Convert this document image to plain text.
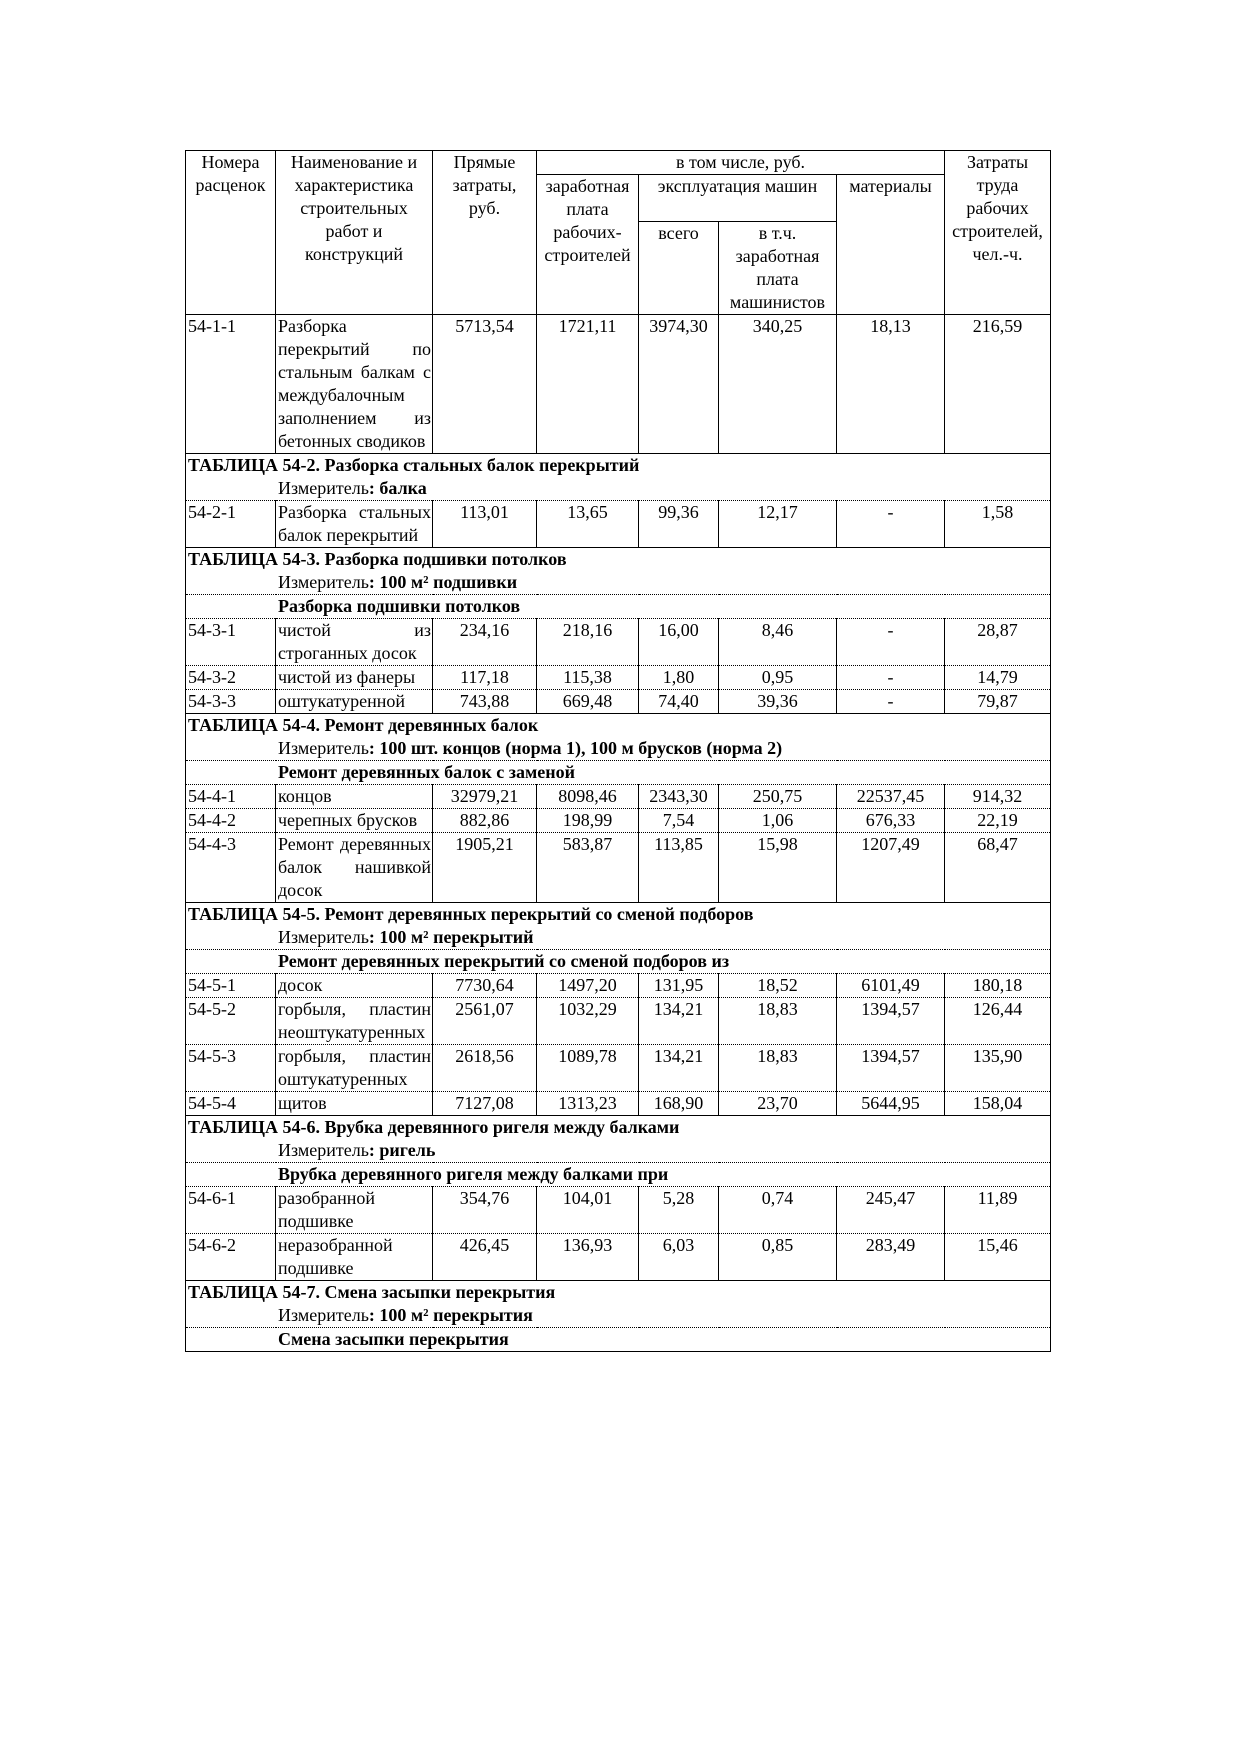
Номера расценок	Наименование и характеристика строительных работ и конструкций	Прямые затраты, руб.	в том числе, руб.				Затраты труда рабочих строителей, чел.-ч.
			заработная плата рабочих-строителей	эксплуатация машин		материалы	
				всего	в т.ч. заработная плата машинистов		
54-1-1	Разборка перекрытий по стальным балкам с междубалочным заполнением из бетонных сводиков	5713,54	1721,11	3974,30	340,25	18,13	216,59

ТАБЛИЦА 54-2. Разборка стальных балок перекрытий
Измеритель: балка							

54-2-1	Разборка стальных балок перекрытий	113,01	13,65	99,36	12,17	-	1,58

ТАБЛИЦА 54-3. Разборка подшивки потолков
Измеритель: 100 м² подшивки							

Разборка подшивки потолков							

54-3-1	чистой из строганных досок	234,16	218,16	16,00	8,46	-	28,87
54-3-2	чистой из фанеры	117,18	115,38	1,80	0,95	-	14,79
54-3-3	оштукатуренной	743,88	669,48	74,40	39,36	-	79,87

ТАБЛИЦА 54-4. Ремонт деревянных балок
Измеритель: 100 шт. концов (норма 1), 100 м брусков (норма 2)							

Ремонт деревянных балок с заменой							

54-4-1	концов	32979,21	8098,46	2343,30	250,75	22537,45	914,32
54-4-2	черепных брусков	882,86	198,99	7,54	1,06	676,33	22,19
54-4-3	Ремонт деревянных балок нашивкой досок	1905,21	583,87	113,85	15,98	1207,49	68,47

ТАБЛИЦА 54-5. Ремонт деревянных перекрытий со сменой подборов
Измеритель: 100 м² перекрытий							

Ремонт деревянных перекрытий со сменой подборов из							

54-5-1	досок	7730,64	1497,20	131,95	18,52	6101,49	180,18
54-5-2	горбыля, пластин неоштукатуренных	2561,07	1032,29	134,21	18,83	1394,57	126,44
54-5-3	горбыля, пластин оштукатуренных	2618,56	1089,78	134,21	18,83	1394,57	135,90
54-5-4	щитов	7127,08	1313,23	168,90	23,70	5644,95	158,04

ТАБЛИЦА 54-6. Врубка деревянного ригеля между балками
Измеритель: ригель							

Врубка деревянного ригеля между балками при							

54-6-1	разобранной подшивке	354,76	104,01	5,28	0,74	245,47	11,89
54-6-2	неразобранной подшивке	426,45	136,93	6,03	0,85	283,49	15,46

ТАБЛИЦА 54-7. Смена засыпки перекрытия
Измеритель: 100 м² перекрытия							

Смена засыпки перекрытия							
